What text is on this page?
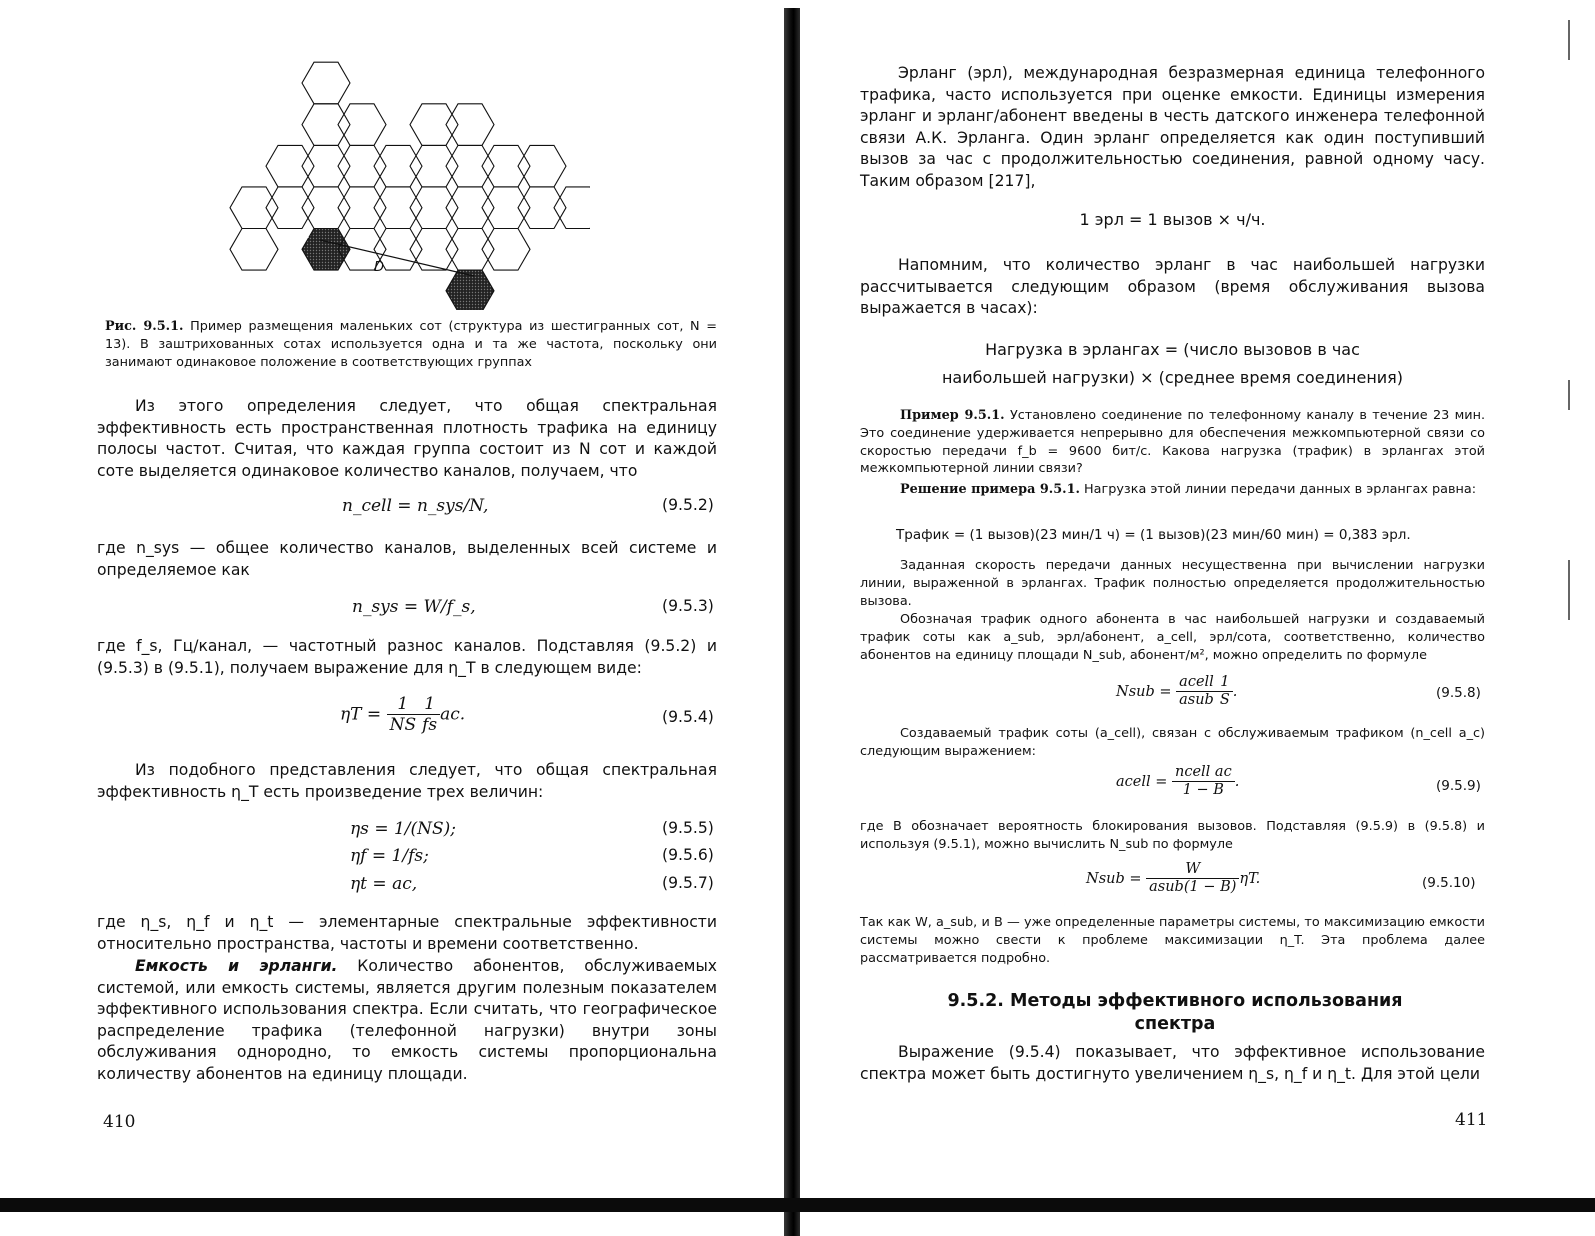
R
D
Рис. 9.5.1. Пример размещения маленьких сот (структура из шестигранных сот, N = 13). В заштрихованных сотах используется одна и та же частота, поскольку они занимают одинаковое положение в соответствующих группах

Из этого определения следует, что общая спектральная эффективность есть пространственная плотность трафика на единицу полосы частот. Считая, что каждая группа состоит из N сот и каждой соте выделяется одинаковое количество каналов, получаем, что

n_cell = n_sys/N,	(9.5.2)

где n_sys — общее количество каналов, выделенных всей системе и определяемое как

n_sys = W/f_s,	(9.5.3)

где f_s, Гц/канал, — частотный разнос каналов. Подставляя (9.5.2) и (9.5.3) в (9.5.1), получаем выражение для η_T в следующем виде:

$\eta T = \frac{1}{NS} \frac{1}{fs}$ ac.	(9.5.4)

Из подобного представления следует, что общая спектральная эффективность η_T есть произведение трех величин:

ηs = 1/(NS);	(9.5.5)
ηf = 1/fs;	(9.5.6)
ηt = ac,	(9.5.7)

где η_s, η_f и η_t — элементарные спектральные эффективности относительно пространства, частоты и времени соответственно.

Емкость и эрланги. Количество абонентов, обслуживаемых системой, или емкость системы, является другим полезным показателем эффективного использования спектра. Если считать, что географическое распределение трафика (телефонной нагрузки) внутри зоны обслуживания однородно, то емкость системы пропорциональна количеству абонентов на единицу площади.

410

Эрланг (эрл), международная безразмерная единица телефонного трафика, часто используется при оценке емкости. Единицы измерения эрланг и эрланг/абонент введены в честь датского инженера телефонной связи А.К. Эрланга. Один эрланг определяется как один поступивший вызов за час с продолжительностью соединения, равной одному часу. Таким образом [217],

1 эрл = 1 вызов × ч/ч.

Напомним, что количество эрланг в час наибольшей нагрузки рассчитывается следующим образом (время обслуживания вызова выражается в часах):

Нагрузка в эрлангах = (число вызовов в час
наибольшей нагрузки) × (среднее время соединения)

Пример 9.5.1. Установлено соединение по телефонному каналу в течение 23 мин. Это соединение удерживается непрерывно для обеспечения межкомпьютерной связи со скоростью передачи f_b = 9600 бит/с. Какова нагрузка (трафик) в эрлангах этой межкомпьютерной линии связи?

Решение примера 9.5.1. Нагрузка этой линии передачи данных в эрлангах равна:

Трафик = (1 вызов)(23 мин/1 ч) = (1 вызов)(23 мин/60 мин) = 0,383 эрл.

Заданная скорость передачи данных несущественна при вычислении нагрузки линии, выраженной в эрлангах. Трафик полностью определяется продолжительностью вызова.

Обозначая трафик одного абонента в час наибольшей нагрузки и создаваемый трафик соты как a_sub, эрл/абонент, a_cell, эрл/сота, соответственно, количество абонентов на единицу площади N_sub, абонент/м², можно определить по формуле

Nsub = $\frac{\text{acell}}{\text{asub}} \frac{1}{S}$ .	(9.5.8)

Создаваемый трафик соты (a_cell), связан с обслуживаемым трафиком (n_cell a_c) следующим выражением:

acell = $\frac{\text{ncell ac}}{1 - B}$ .	(9.5.9)

где B обозначает вероятность блокирования вызовов. Подставляя (9.5.9) в (9.5.8) и используя (9.5.1), можно вычислить N_sub по формуле

Nsub = $\frac{W}{\text{asub(1 − B)}} \eta T$.	(9.5.10)

Так как W, a_sub, и B — уже определенные параметры системы, то максимизацию емкости системы можно свести к проблеме максимизации η_T. Эта проблема далее рассматривается подробно.

9.5.2. Методы эффективного использования
спектра

Выражение (9.5.4) показывает, что эффективное использование спектра может быть достигнуто увеличением η_s, η_f и η_t. Для этой цели

411
